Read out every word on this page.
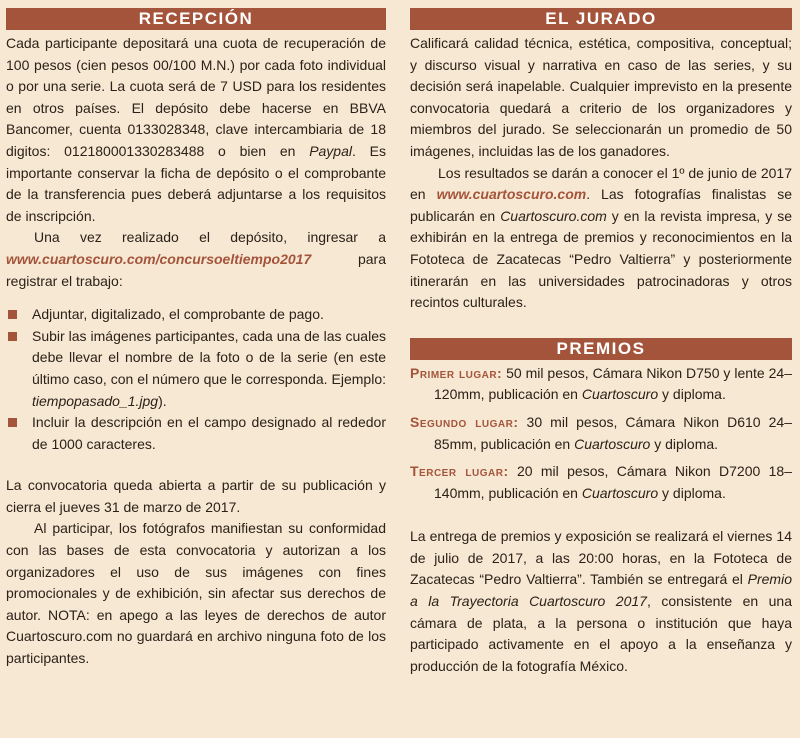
RECEPCIÓN

Cada participante depositará una cuota de recuperación de 100 pesos (cien pesos 00/100 M.N.) por cada foto individual o por una serie. La cuota será de 7 USD para los residentes en otros países. El depósito debe hacerse en BBVA Bancomer, cuenta 0133028348, clave intercambiaria de 18 digitos: 012180001330283488 o bien en Paypal. Es importante conservar la ficha de depósito o el comprobante de la transferencia pues deberá adjuntarse a los requisitos de inscripción.

Una vez realizado el depósito, ingresar a www.cuartoscuro.com/concursoeltiempo2017 para registrar el trabajo:

Adjuntar, digitalizado, el comprobante de pago.
Subir las imágenes participantes, cada una de las cuales debe llevar el nombre de la foto o de la serie (en este último caso, con el número que le corresponda. Ejemplo: tiempopasado_1.jpg).
Incluir la descripción en el campo designado al rededor de 1000 caracteres.

La convocatoria queda abierta a partir de su publicación y cierra el jueves 31 de marzo de 2017.

Al participar, los fotógrafos manifiestan su conformidad con las bases de esta convocatoria y autorizan a los organizadores el uso de sus imágenes con fines promocionales y de exhibición, sin afectar sus derechos de autor. NOTA: en apego a las leyes de derechos de autor Cuartoscuro.com no guardará en archivo ninguna foto de los participantes.

EL JURADO

Calificará calidad técnica, estética, compositiva, conceptual; y discurso visual y narrativa en caso de las series, y su decisión será inapelable. Cualquier imprevisto en la presente convocatoria quedará a criterio de los organizadores y miembros del jurado. Se seleccionarán un promedio de 50 imágenes, incluidas las de los ganadores.

Los resultados se darán a conocer el 1º de junio de 2017 en www.cuartoscuro.com. Las fotografías finalistas se publicarán en Cuartoscuro.com y en la revista impresa, y se exhibirán en la entrega de premios y reconocimientos en la Fototeca de Zacatecas “Pedro Valtierra” y posteriormente itinerarán en las universidades patrocinadoras y otros recintos culturales.

PREMIOS
Primer lugar: 50 mil pesos, Cámara Nikon D750 y lente 24–120mm, publicación en Cuartoscuro y diploma.
Segundo lugar: 30 mil pesos, Cámara Nikon D610 24–85mm, publicación en Cuartoscuro y diploma.
Tercer lugar: 20 mil pesos, Cámara Nikon D7200 18–140mm, publicación en Cuartoscuro y diploma.

La entrega de premios y exposición se realizará el viernes 14 de julio de 2017, a las 20:00 horas, en la Fototeca de Zacatecas “Pedro Valtierra”. También se entregará el Premio a la Trayectoria Cuartoscuro 2017, consistente en una cámara de plata, a la persona o institución que haya participado activamente en el apoyo a la enseñanza y producción de la fotografía México.
